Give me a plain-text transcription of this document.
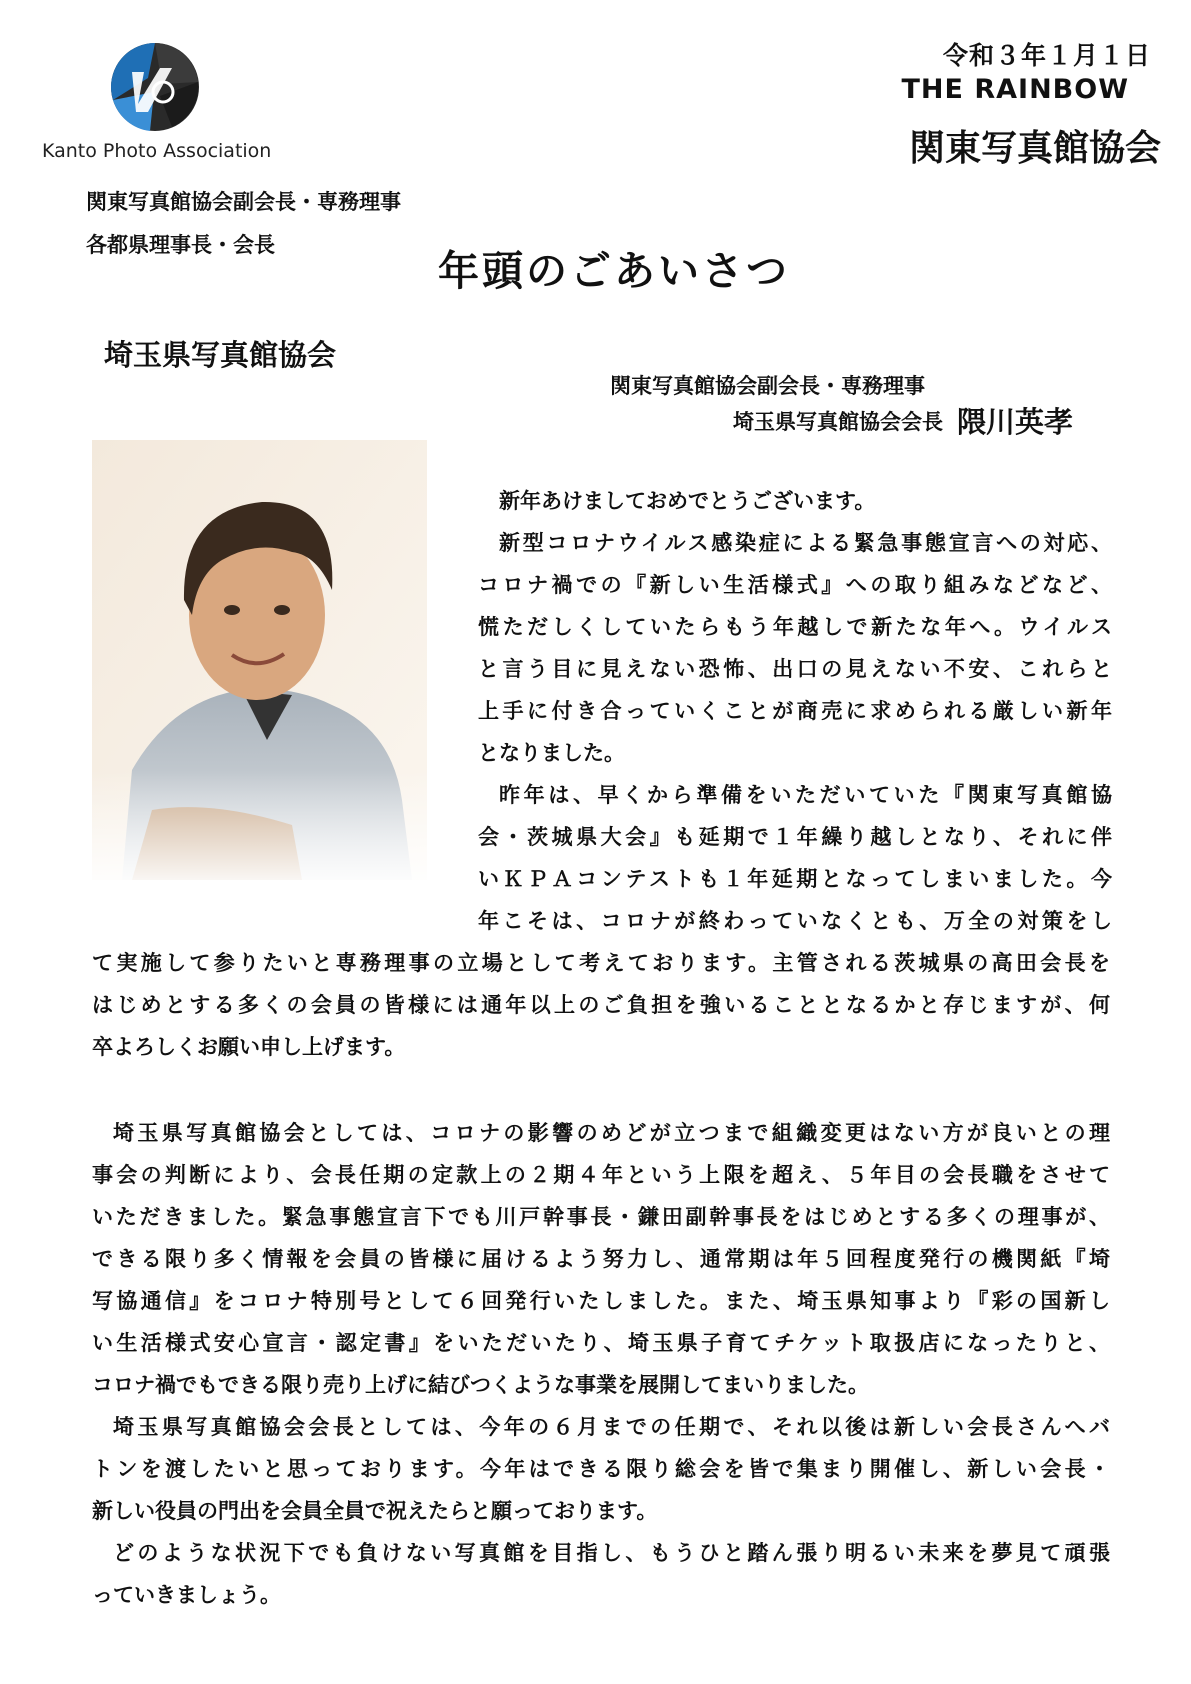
Kanto Photo Association
令和３年１月１日
THE RAINBOW
関東写真館協会
関東写真館協会副会長・専務理事
各都県理事長・会長
年頭のごあいさつ
埼玉県写真館協会
関東写真館協会副会長・専務理事
埼玉県写真館協会会長 隈川英孝
新年あけましておめでとうございます。
新型コロナウイルス感染症による緊急事態宣言への対応、
コロナ禍での『新しい生活様式』への取り組みなどなど、
慌ただしくしていたらもう年越しで新たな年へ。ウイルス
と言う目に見えない恐怖、出口の見えない不安、これらと
上手に付き合っていくことが商売に求められる厳しい新年
となりました。
昨年は、早くから準備をいただいていた『関東写真館協
会・茨城県大会』も延期で１年繰り越しとなり、それに伴
いＫＰＡコンテストも１年延期となってしまいました。今
年こそは、コロナが終わっていなくとも、万全の対策をし
て実施して参りたいと専務理事の立場として考えております。主管される茨城県の高田会長を
はじめとする多くの会員の皆様には通年以上のご負担を強いることとなるかと存じますが、何
卒よろしくお願い申し上げます。
埼玉県写真館協会としては、コロナの影響のめどが立つまで組織変更はない方が良いとの理
事会の判断により、会長任期の定款上の２期４年という上限を超え、５年目の会長職をさせて
いただきました。緊急事態宣言下でも川戸幹事長・鎌田副幹事長をはじめとする多くの理事が、
できる限り多く情報を会員の皆様に届けるよう努力し、通常期は年５回程度発行の機関紙『埼
写協通信』をコロナ特別号として６回発行いたしました。また、埼玉県知事より『彩の国新し
い生活様式安心宣言・認定書』をいただいたり、埼玉県子育てチケット取扱店になったりと、
コロナ禍でもできる限り売り上げに結びつくような事業を展開してまいりました。
埼玉県写真館協会会長としては、今年の６月までの任期で、それ以後は新しい会長さんへバ
トンを渡したいと思っております。今年はできる限り総会を皆で集まり開催し、新しい会長・
新しい役員の門出を会員全員で祝えたらと願っております。
どのような状況下でも負けない写真館を目指し、もうひと踏ん張り明るい未来を夢見て頑張
っていきましょう。
